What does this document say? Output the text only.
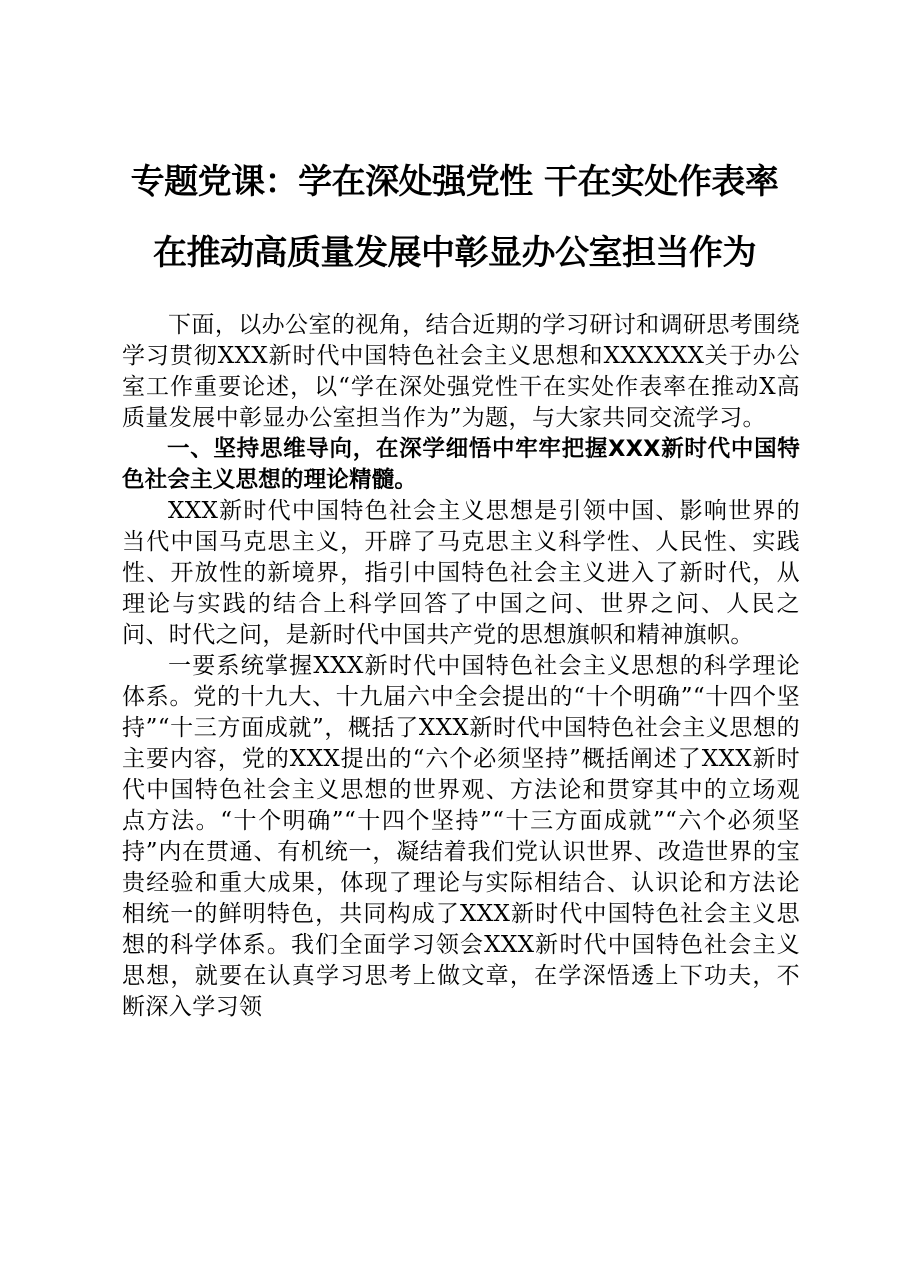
专题党课：学在深处强党性 干在实处作表率
在推动高质量发展中彰显办公室担当作为

下面，以办公室的视角，结合近期的学习研讨和调研思考围绕学习贯彻XXX新时代中国特色社会主义思想和XXXXXX关于办公室工作重要论述，以“学在深处强党性干在实处作表率在推动X高质量发展中彰显办公室担当作为”为题，与大家共同交流学习。

一、坚持思维导向，在深学细悟中牢牢把握XXX新时代中国特色社会主义思想的理论精髓。

XXX新时代中国特色社会主义思想是引领中国、影响世界的当代中国马克思主义，开辟了马克思主义科学性、人民性、实践性、开放性的新境界，指引中国特色社会主义进入了新时代，从理论与实践的结合上科学回答了中国之问、世界之问、人民之问、时代之问，是新时代中国共产党的思想旗帜和精神旗帜。

一要系统掌握XXX新时代中国特色社会主义思想的科学理论体系。党的十九大、十九届六中全会提出的“十个明确”“十四个坚持”“十三方面成就”，概括了XXX新时代中国特色社会主义思想的主要内容，党的XXX提出的“六个必须坚持”概括阐述了XXX新时代中国特色社会主义思想的世界观、方法论和贯穿其中的立场观点方法。“十个明确”“十四个坚持”“十三方面成就”“六个必须坚持”内在贯通、有机统一，凝结着我们党认识世界、改造世界的宝贵经验和重大成果，体现了理论与实际相结合、认识论和方法论相统一的鲜明特色，共同构成了XXX新时代中国特色社会主义思想的科学体系。我们全面学习领会XXX新时代中国特色社会主义思想，就要在认真学习思考上做文章，在学深悟透上下功夫，不断深入学习领
